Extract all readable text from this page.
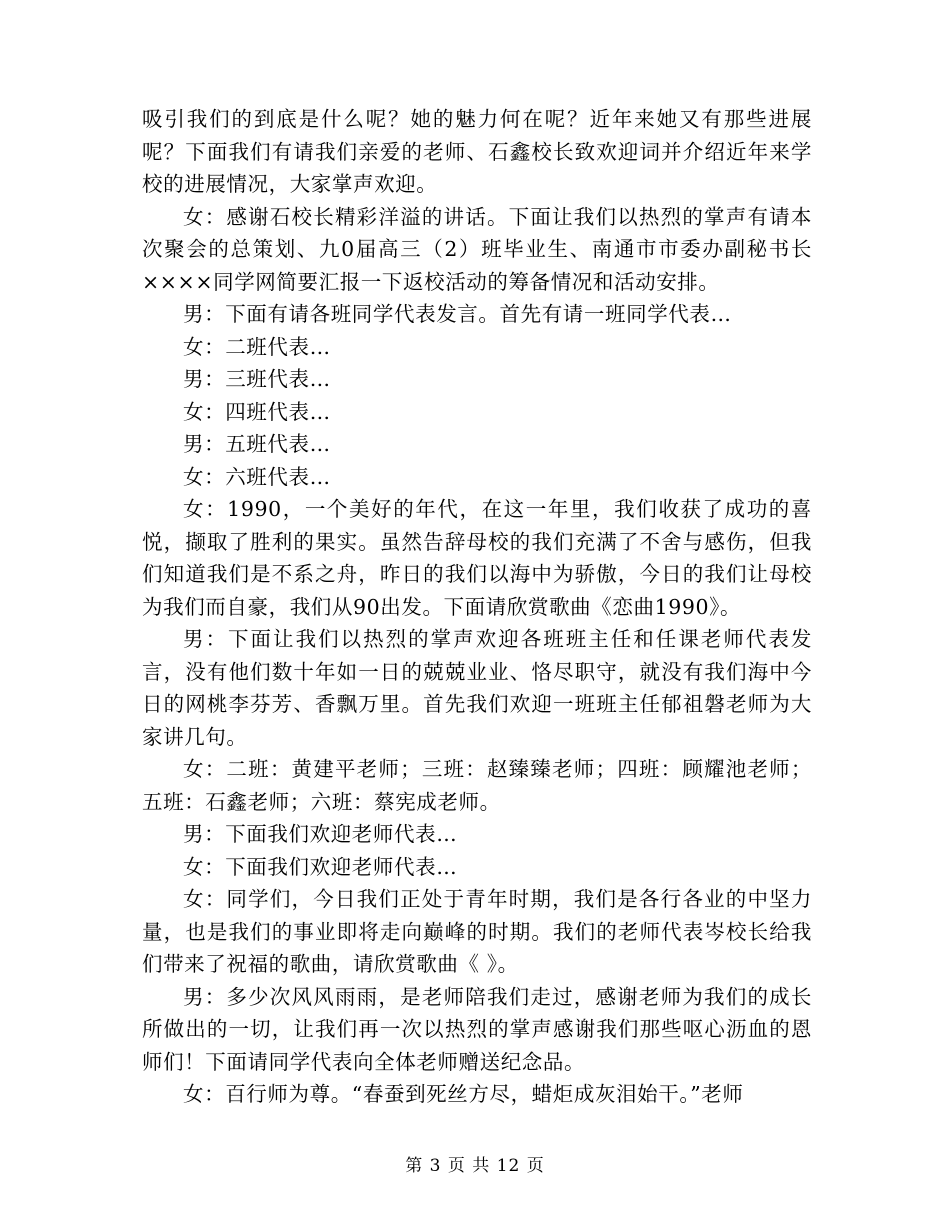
吸引我们的到底是什么呢？她的魅力何在呢？近年来她又有那些进展呢？下面我们有请我们亲爱的老师、石鑫校长致欢迎词并介绍近年来学校的进展情况，大家掌声欢迎。

女：感谢石校长精彩洋溢的讲话。下面让我们以热烈的掌声有请本次聚会的总策划、九0届高三（2）班毕业生、南通市市委办副秘书长××××同学网简要汇报一下返校活动的筹备情况和活动安排。

男：下面有请各班同学代表发言。首先有请一班同学代表…

女：二班代表…

男：三班代表…

女：四班代表…

男：五班代表…

女：六班代表…

女：1990，一个美好的年代，在这一年里，我们收获了成功的喜悦，撷取了胜利的果实。虽然告辞母校的我们充满了不舍与感伤，但我们知道我们是不系之舟，昨日的我们以海中为骄傲，今日的我们让母校为我们而自豪，我们从90出发。下面请欣赏歌曲《恋曲1990》。

男：下面让我们以热烈的掌声欢迎各班班主任和任课老师代表发言，没有他们数十年如一日的兢兢业业、恪尽职守，就没有我们海中今日的网桃李芬芳、香飘万里。首先我们欢迎一班班主任郁祖磐老师为大家讲几句。

女：二班：黄建平老师；三班：赵臻臻老师；四班：顾耀池老师；五班：石鑫老师；六班：蔡宪成老师。

男：下面我们欢迎老师代表…

女：下面我们欢迎老师代表…

女：同学们，今日我们正处于青年时期，我们是各行各业的中坚力量，也是我们的事业即将走向巅峰的时期。我们的老师代表岑校长给我们带来了祝福的歌曲，请欣赏歌曲《 》。

男：多少次风风雨雨，是老师陪我们走过，感谢老师为我们的成长所做出的一切，让我们再一次以热烈的掌声感谢我们那些呕心沥血的恩师们！下面请同学代表向全体老师赠送纪念品。

女：百行师为尊。“春蚕到死丝方尽，蜡炬成灰泪始干。”老师

第 3 页 共 12 页
